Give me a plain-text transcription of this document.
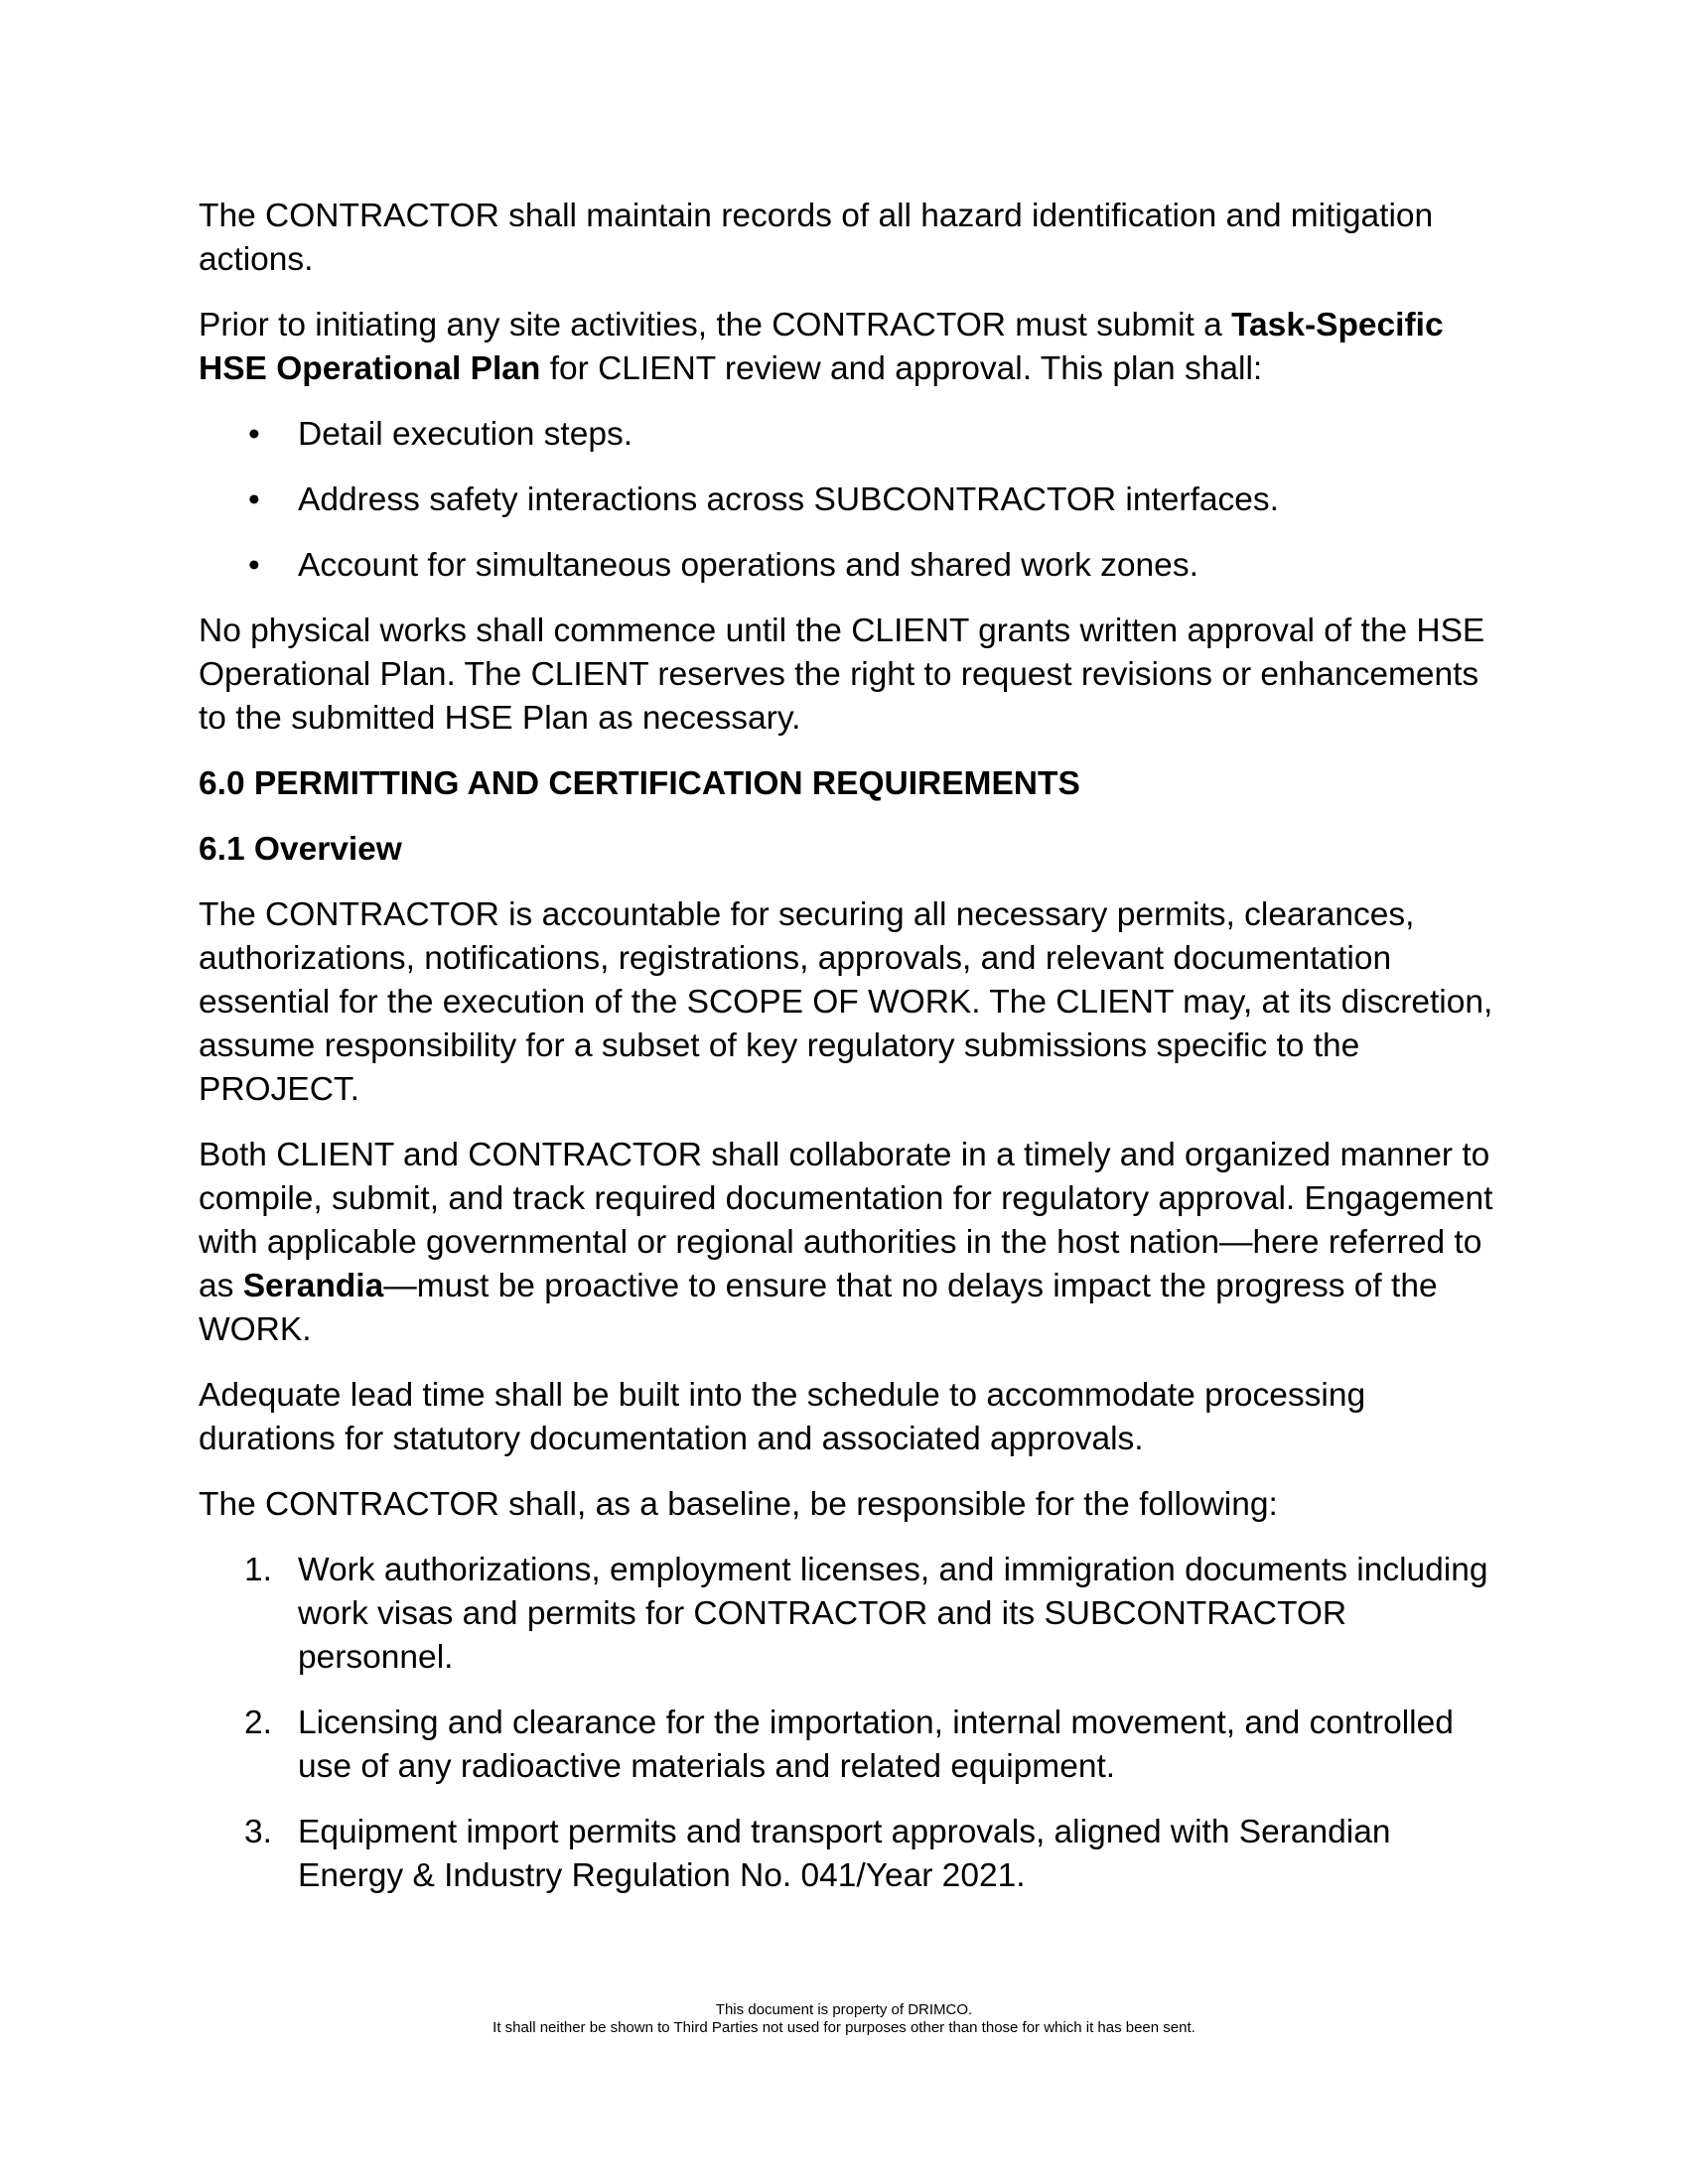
The CONTRACTOR shall maintain records of all hazard identification and mitigation actions.

Prior to initiating any site activities, the CONTRACTOR must submit a Task-Specific HSE Operational Plan for CLIENT review and approval. This plan shall:

• Detail execution steps.
• Address safety interactions across SUBCONTRACTOR interfaces.
• Account for simultaneous operations and shared work zones.

No physical works shall commence until the CLIENT grants written approval of the HSE Operational Plan. The CLIENT reserves the right to request revisions or enhancements to the submitted HSE Plan as necessary.

6.0 PERMITTING AND CERTIFICATION REQUIREMENTS
6.1 Overview

The CONTRACTOR is accountable for securing all necessary permits, clearances, authorizations, notifications, registrations, approvals, and relevant documentation essential for the execution of the SCOPE OF WORK. The CLIENT may, at its discretion, assume responsibility for a subset of key regulatory submissions specific to the PROJECT.

Both CLIENT and CONTRACTOR shall collaborate in a timely and organized manner to compile, submit, and track required documentation for regulatory approval. Engagement with applicable governmental or regional authorities in the host nation—here referred to as Serandia—must be proactive to ensure that no delays impact the progress of the WORK.

Adequate lead time shall be built into the schedule to accommodate processing durations for statutory documentation and associated approvals.

The CONTRACTOR shall, as a baseline, be responsible for the following:

1. Work authorizations, employment licenses, and immigration documents including work visas and permits for CONTRACTOR and its SUBCONTRACTOR personnel.
2. Licensing and clearance for the importation, internal movement, and controlled use of any radioactive materials and related equipment.
3. Equipment import permits and transport approvals, aligned with Serandian Energy & Industry Regulation No. 041/Year 2021.
This document is property of DRIMCO.
It shall neither be shown to Third Parties not used for purposes other than those for which it has been sent.
